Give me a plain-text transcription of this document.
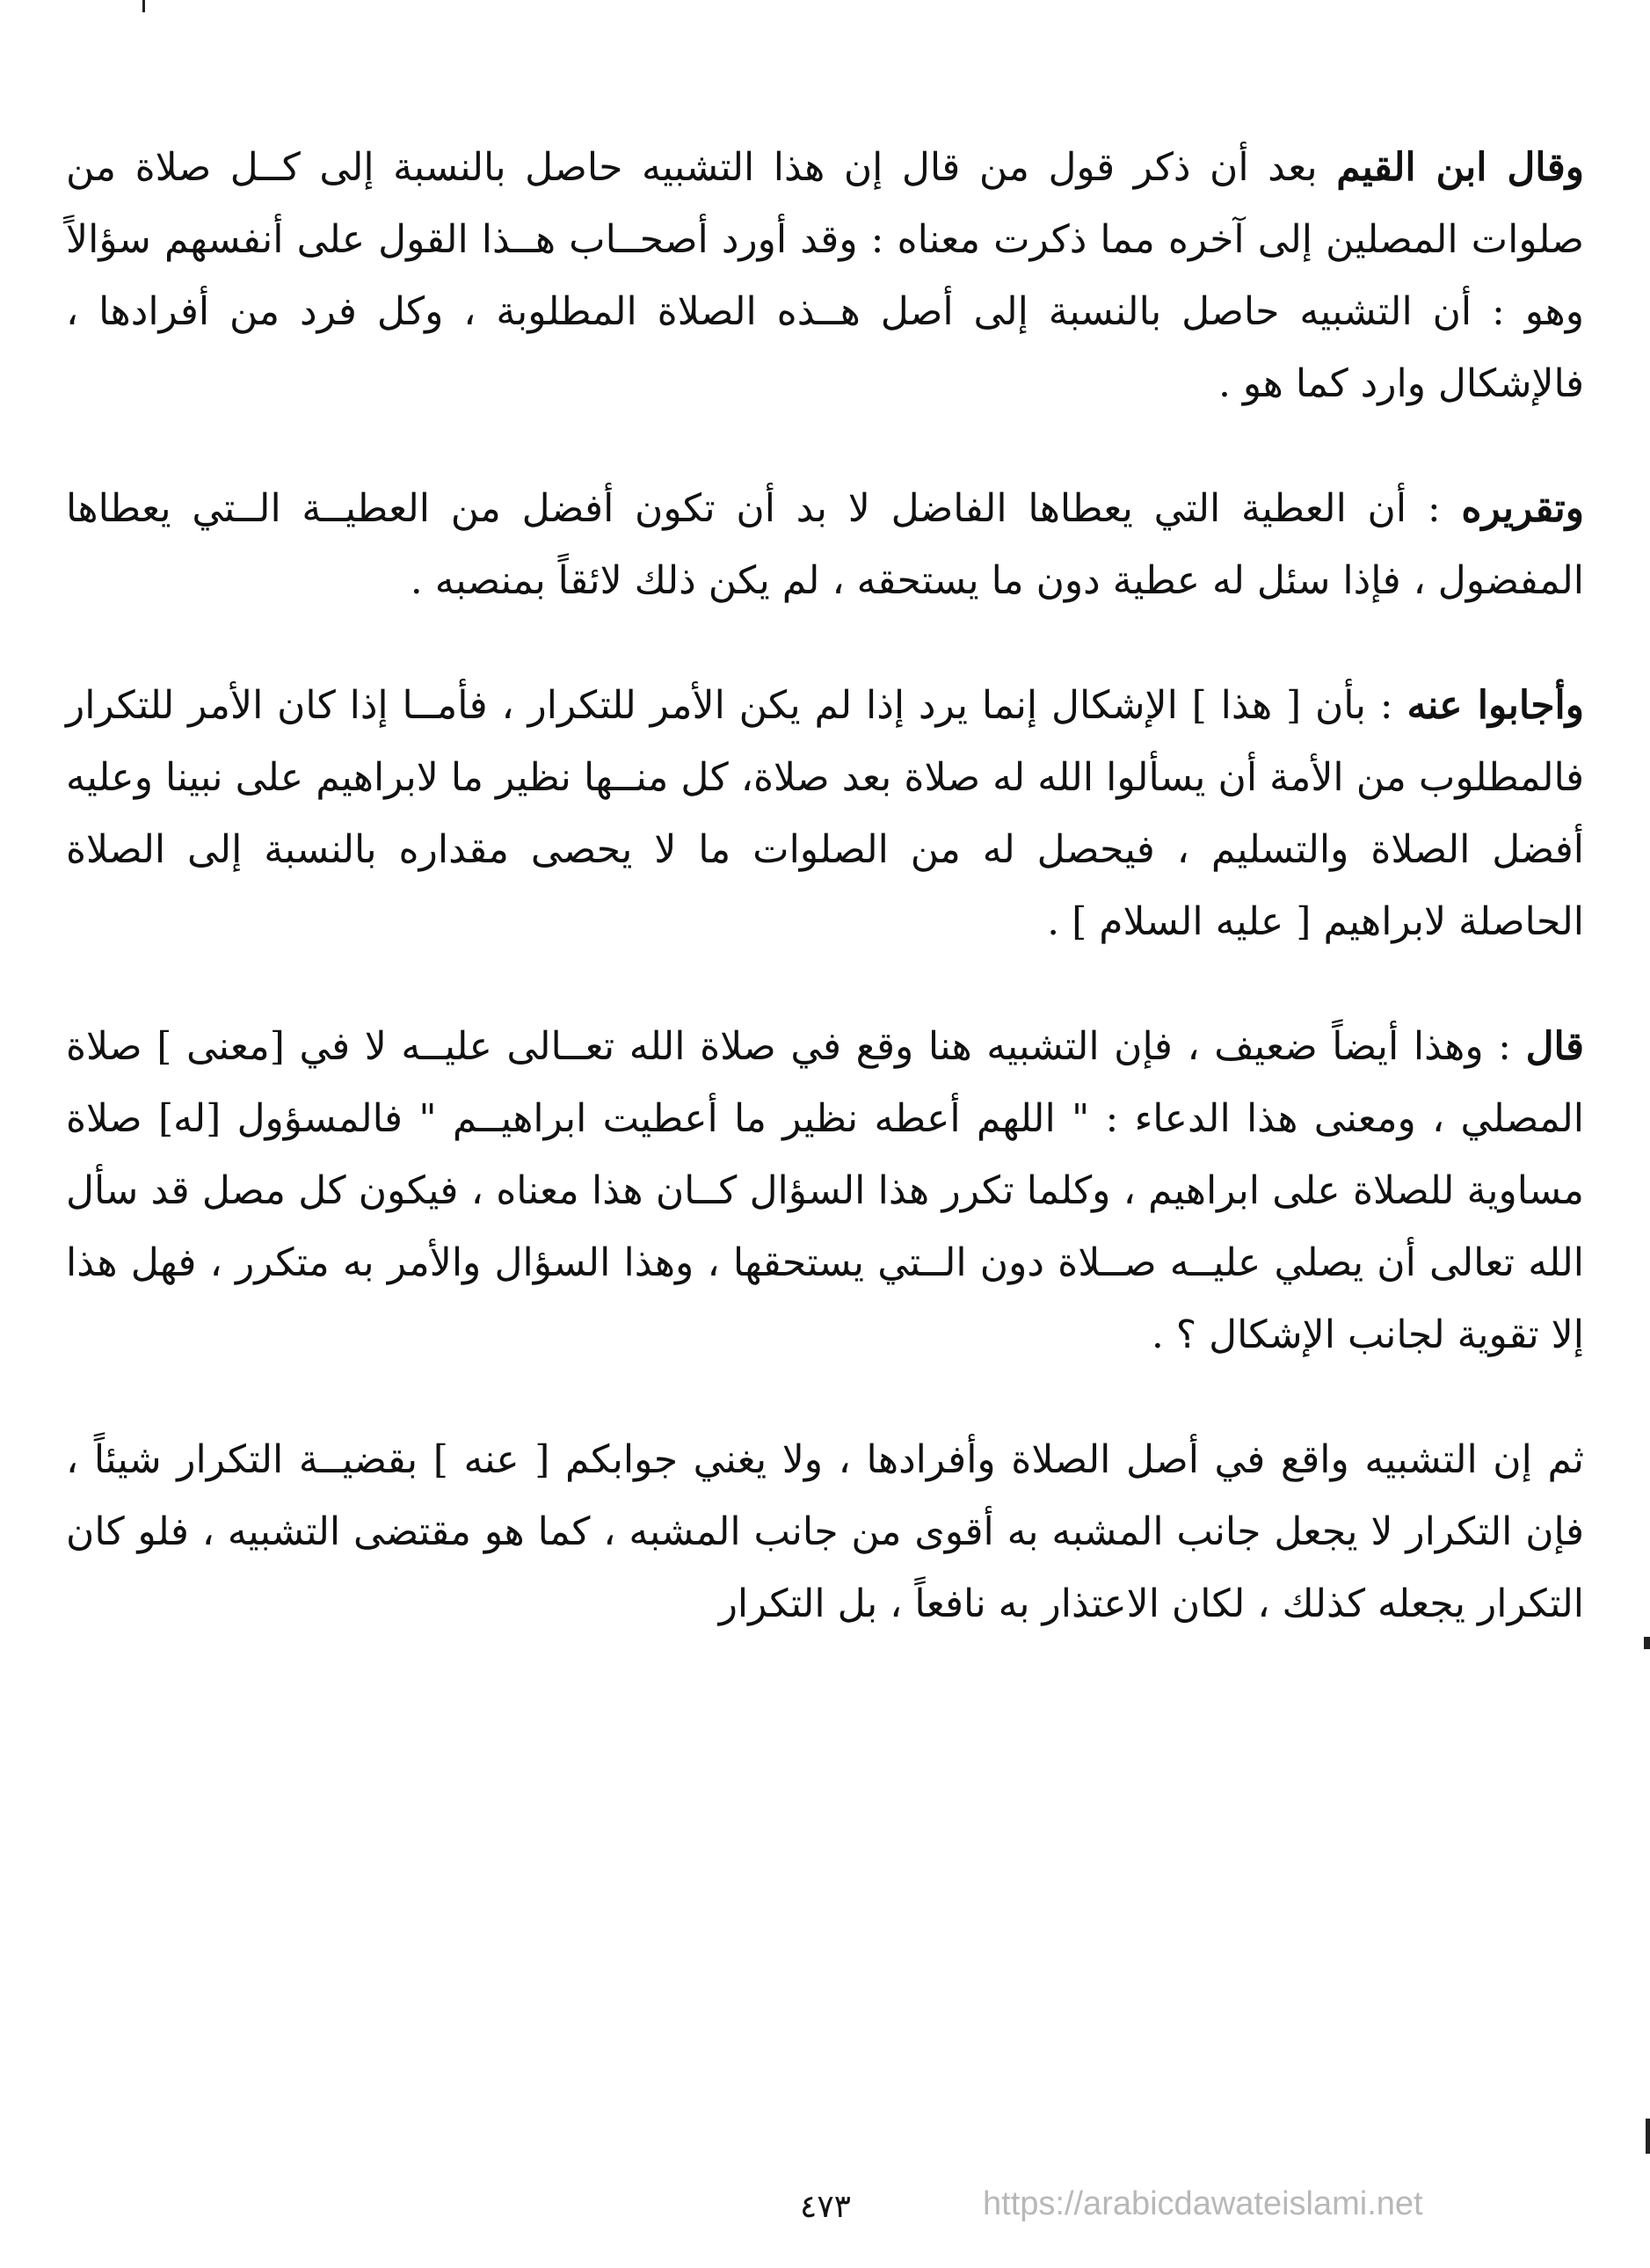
وقال ابن القيم بعد أن ذكر قول من قال إن هذا التشبيه حاصل بالنسبة إلى كــل صلاة من صلوات المصلين إلى آخره مما ذكرت معناه : وقد أورد أصحــاب هــذا القول على أنفسهم سؤالاً وهو : أن التشبيه حاصل بالنسبة إلى أصل هــذه الصلاة المطلوبة ، وكل فرد من أفرادها ، فالإشكال وارد كما هو .

وتقريره : أن العطية التي يعطاها الفاضل لا بد أن تكون أفضل من العطيــة الــتي يعطاها المفضول ، فإذا سئل له عطية دون ما يستحقه ، لم يكن ذلك لائقاً بمنصبه .

وأجابوا عنه : بأن [ هذا ] الإشكال إنما يرد إذا لم يكن الأمر للتكرار ، فأمــا إذا كان الأمر للتكرار فالمطلوب من الأمة أن يسألوا الله له صلاة بعد صلاة، كل منــها نظير ما لابراهيم على نبينا وعليه أفضل الصلاة والتسليم ، فيحصل له من الصلوات ما لا يحصى مقداره بالنسبة إلى الصلاة الحاصلة لابراهيم [ عليه السلام ] .

قال : وهذا أيضاً ضعيف ، فإن التشبيه هنا وقع في صلاة الله تعــالى عليــه لا في [معنى ] صلاة المصلي ، ومعنى هذا الدعاء : " اللهم أعطه نظير ما أعطيت ابراهيــم " فالمسؤول [له] صلاة مساوية للصلاة على ابراهيم ، وكلما تكرر هذا السؤال كــان هذا معناه ، فيكون كل مصل قد سأل الله تعالى أن يصلي عليــه صــلاة دون الــتي يستحقها ، وهذا السؤال والأمر به متكرر ، فهل هذا إلا تقوية لجانب الإشكال ؟ .

ثم إن التشبيه واقع في أصل الصلاة وأفرادها ، ولا يغني جوابكم [ عنه ] بقضيــة التكرار شيئاً ، فإن التكرار لا يجعل جانب المشبه به أقوى من جانب المشبه ، كما هو مقتضى التشبيه ، فلو كان التكرار يجعله كذلك ، لكان الاعتذار به نافعاً ، بل التكرار

٤٧٣	https://arabicdawateislami.net
